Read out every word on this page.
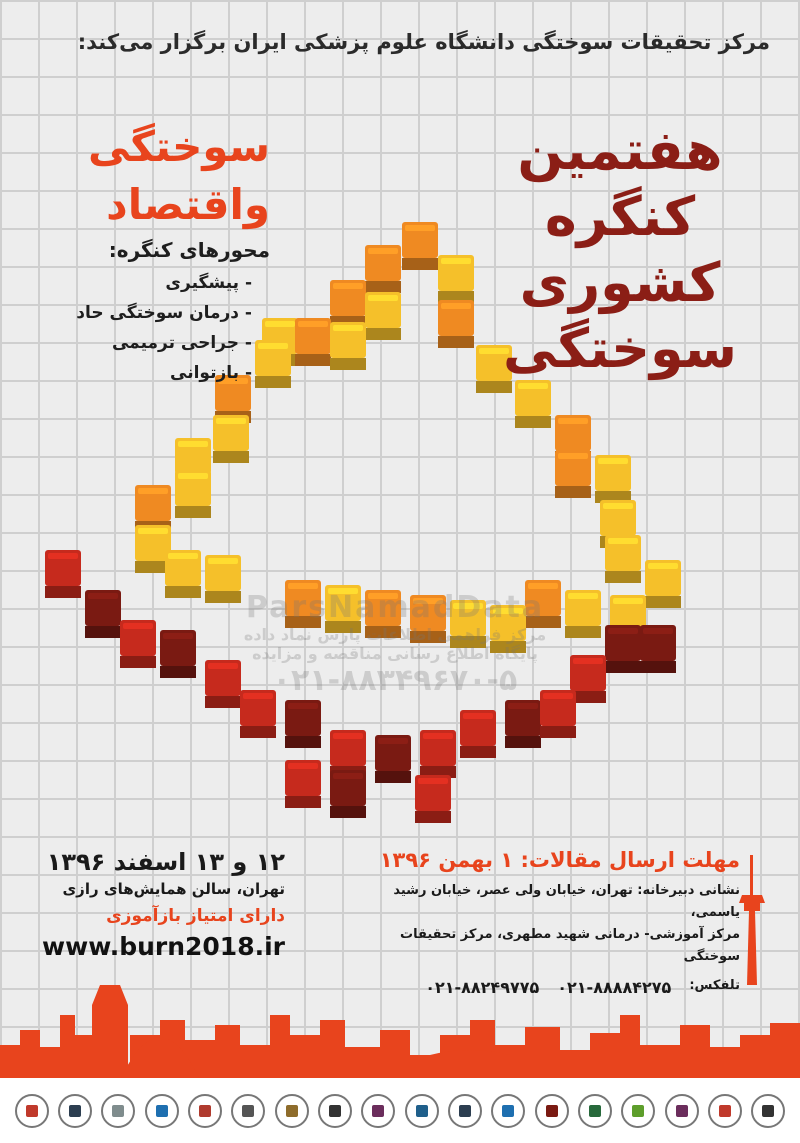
مرکز تحقیقات سوختگی دانشگاه علوم پزشکی ایران برگزار می‌کند:
هفتمین
کنگره
کشوری
سوختگی
سوختگی
واقتصاد
محورهای کنگره:
- پیشگیری
- درمان سوختگی حاد
- جراحی ترمیمی
- بازتوانی
ParsNamadData
مرکز فراهمی اطلاعات پارس نماد داده
پایگاه اطلاع رسانی مناقصه و مزایده
۰۲۱-۸۸۳۴۹۶۷۰-۵
۱۲ و ۱۳ اسفند ۱۳۹۶
تهران، سالن همایش‌های رازی
دارای امتیاز بازآموزی
www.burn2018.ir
مهلت ارسال مقالات: ۱ بهمن ۱۳۹۶
نشانی دبیرخانه: تهران، خیابان ولی عصر، خیابان رشید یاسمی،
مرکز آموزشی- درمانی شهید مطهری، مرکز تحقیقات سوختگی
تلفکس:
۰۲۱-۸۸۸۸۴۲۷۵
۰۲۱-۸۸۲۴۹۷۷۵
